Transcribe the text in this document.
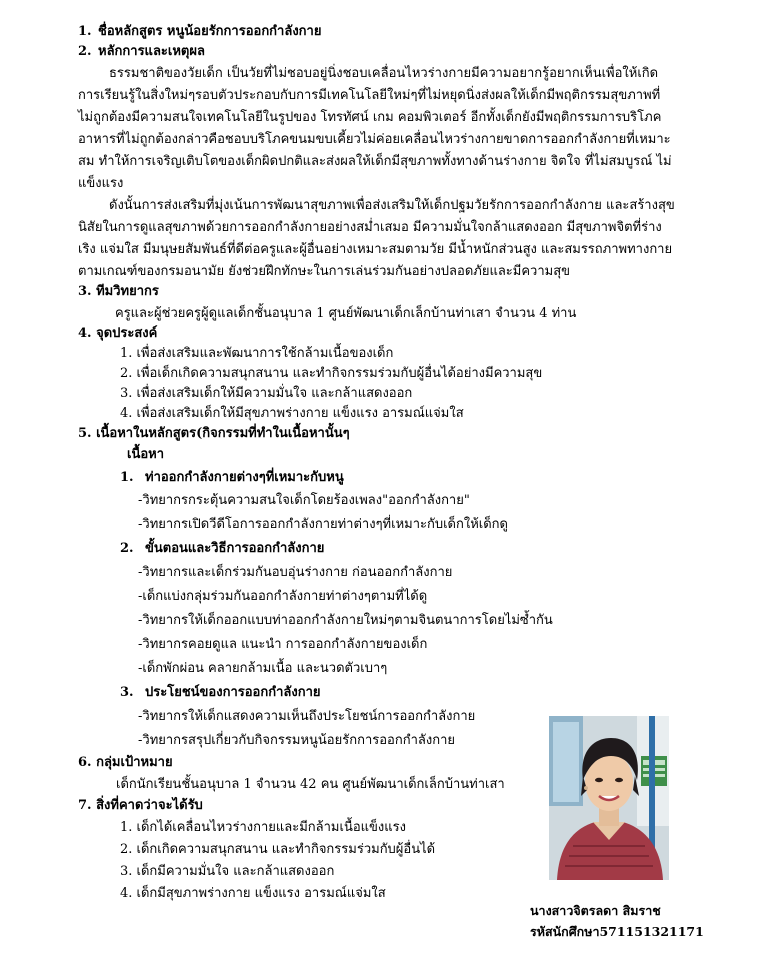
1. ชื่อหลักสูตร หนูน้อยรักการออกกำลังกาย
2. หลักการและเหตุผล
ธรรมชาติของวัยเด็ก เป็นวัยที่ไม่ชอบอยู่นิ่งชอบเคลื่อนไหวร่างกายมีความอยากรู้อยากเห็นเพื่อให้เกิด
การเรียนรู้ในสิ่งใหม่ๆรอบตัวประกอบกับการมีเทคโนโลยีใหม่ๆที่ไม่หยุดนิ่งส่งผลให้เด็กมีพฤติกรรมสุขภาพที่
ไม่ถูกต้องมีความสนใจเทคโนโลยีในรูปของ โทรทัศน์ เกม คอมพิวเตอร์ อีกทั้งเด็กยังมีพฤติกรรมการบริโภค
อาหารที่ไม่ถูกต้องกล่าวคือชอบบริโภคขนมขบเคี้ยวไม่ค่อยเคลื่อนไหวร่างกายขาดการออกกำลังกายที่เหมาะ
สม ทำให้การเจริญเติบโตของเด็กผิดปกติและส่งผลให้เด็กมีสุขภาพทั้งทางด้านร่างกาย จิตใจ ที่ไม่สมบูรณ์ ไม่
แข็งแรง
ดังนั้นการส่งเสริมที่มุ่งเน้นการพัฒนาสุขภาพเพื่อส่งเสริมให้เด็กปฐมวัยรักการออกกำลังกาย และสร้างสุข
นิสัยในการดูแลสุขภาพด้วยการออกกำลังกายอย่างสม่ำเสมอ มีความมั่นใจกล้าแสดงออก มีสุขภาพจิตที่ร่าง
เริง แจ่มใส มีมนุษยสัมพันธ์ที่ดีต่อครูและผู้อื่นอย่างเหมาะสมตามวัย มีน้ำหนักส่วนสูง และสมรรถภาพทางกาย
ตามเกณฑ์ของกรมอนามัย ยังช่วยฝึกทักษะในการเล่นร่วมกันอย่างปลอดภัยและมีความสุข
3. ทีมวิทยากร
ครูและผู้ช่วยครูผู้ดูแลเด็กชั้นอนุบาล 1 ศูนย์พัฒนาเด็กเล็กบ้านท่าเสา จำนวน 4 ท่าน
4. จุดประสงค์
1. เพื่อส่งเสริมและพัฒนาการใช้กล้ามเนื้อของเด็ก
2. เพื่อเด็กเกิดความสนุกสนาน และทำกิจกรรมร่วมกับผู้อื่นได้อย่างมีความสุข
3. เพื่อส่งเสริมเด็กให้มีความมั่นใจ และกล้าแสดงออก
4. เพื่อส่งเสริมเด็กให้มีสุขภาพร่างกาย แข็งแรง อารมณ์แจ่มใส
5. เนื้อหาในหลักสูตร(กิจกรรมที่ทำในเนื้อหานั้นๆ
เนื้อหา
1. ท่าออกกำลังกายต่างๆที่เหมาะกับหนู
-วิทยากรกระตุ้นความสนใจเด็กโดยร้องเพลง"ออกกำลังกาย"
-วิทยากรเปิดวีดีโอการออกกำลังกายท่าต่างๆที่เหมาะกับเด็กให้เด็กดู
2. ขั้นตอนและวิธีการออกกำลังกาย
-วิทยากรและเด็กร่วมกันอบอุ่นร่างกาย ก่อนออกกำลังกาย
-เด็กแบ่งกลุ่มร่วมกันออกกำลังกายท่าต่างๆตามที่ได้ดู
-วิทยากรให้เด็กออกแบบท่าออกกำลังกายใหม่ๆตามจินตนาการโดยไม่ซ้ำกัน
-วิทยากรคอยดูแล แนะนำ การออกกำลังกายของเด็ก
-เด็กพักผ่อน คลายกล้ามเนื้อ และนวดตัวเบาๆ
3. ประโยชน์ของการออกกำลังกาย
-วิทยากรให้เด็กแสดงความเห็นถึงประโยชน์การออกกำลังกาย
-วิทยากรสรุปเกี่ยวกับกิจกรรมหนูน้อยรักการออกกำลังกาย
6. กลุ่มเป้าหมาย
เด็กนักเรียนชั้นอนุบาล 1 จำนวน 42 คน ศูนย์พัฒนาเด็กเล็กบ้านท่าเสา
7. สิ่งที่คาดว่าจะได้รับ
1. เด็กได้เคลื่อนไหวร่างกายและมีกล้ามเนื้อแข็งแรง
2. เด็กเกิดความสนุกสนาน และทำกิจกรรมร่วมกับผู้อื่นได้
3. เด็กมีความมั่นใจ และกล้าแสดงออก
4. เด็กมีสุขภาพร่างกาย แข็งแรง อารมณ์แจ่มใส
นางสาวจิตรลดา สิมราช
รหัสนักศึกษา571151321171
